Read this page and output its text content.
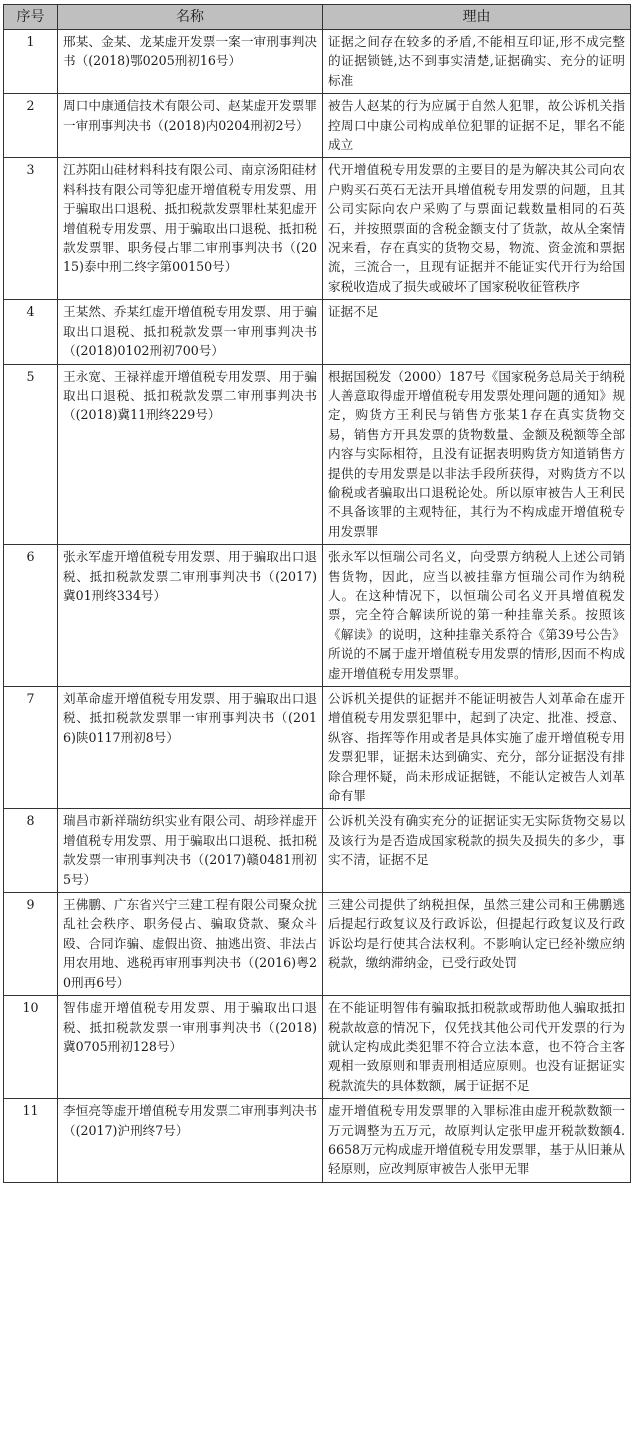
序号	名称	理由
1	邢某、金某、龙某虚开发票一案一审刑事判决书（(2018)鄂0205刑初16号）	证据之间存在较多的矛盾,不能相互印证,形不成完整的证据锁链,达不到事实清楚,证据确实、充分的证明标准
2	周口中康通信技术有限公司、赵某虚开发票罪一审刑事判决书（(2018)内0204刑初2号）	被告人赵某的行为应属于自然人犯罪，故公诉机关指控周口中康公司构成单位犯罪的证据不足，罪名不能成立
3	江苏阳山硅材料科技有限公司、南京汤阳硅材料科技有限公司等犯虚开增值税专用发票、用于骗取出口退税、抵扣税款发票罪杜某犯虚开增值税专用发票、用于骗取出口退税、抵扣税款发票罪、职务侵占罪二审刑事判决书（(2015)泰中刑二终字第00150号）	代开增值税专用发票的主要目的是为解决其公司向农户购买石英石无法开具增值税专用发票的问题，且其公司实际向农户采购了与票面记载数量相同的石英石，并按照票面的含税金额支付了货款，故从全案情况来看，存在真实的货物交易，物流、资金流和票据流，三流合一，且现有证据并不能证实代开行为给国家税收造成了损失或破坏了国家税收征管秩序
4	王某然、乔某红虚开增值税专用发票、用于骗取出口退税、抵扣税款发票一审刑事判决书（(2018)0102刑初700号）	证据不足
5	王永宽、王禄祥虚开增值税专用发票、用于骗取出口退税、抵扣税款发票二审刑事判决书（(2018)冀11刑终229号）	根据国税发（2000）187号《国家税务总局关于纳税人善意取得虚开增值税专用发票处理问题的通知》规定，购货方王利民与销售方张某1存在真实货物交易，销售方开具发票的货物数量、金额及税额等全部内容与实际相符，且没有证据表明购货方知道销售方提供的专用发票是以非法手段所获得，对购货方不以偷税或者骗取出口退税论处。所以原审被告人王利民不具备该罪的主观特征，其行为不构成虚开增值税专用发票罪
6	张永军虚开增值税专用发票、用于骗取出口退税、抵扣税款发票二审刑事判决书（(2017)冀01刑终334号）	张永军以恒瑞公司名义，向受票方纳税人上述公司销售货物，因此，应当以被挂靠方恒瑞公司作为纳税人。在这种情况下，以恒瑞公司名义开具增值税发票，完全符合解读所说的第一种挂靠关系。按照该《解读》的说明，这种挂靠关系符合《第39号公告》所说的不属于虚开增值税专用发票的情形,因而不构成虚开增值税专用发票罪。
7	刘革命虚开增值税专用发票、用于骗取出口退税、抵扣税款发票罪一审刑事判决书（(2016)陕0117刑初8号）	公诉机关提供的证据并不能证明被告人刘革命在虚开增值税专用发票犯罪中，起到了决定、批准、授意、纵容、指挥等作用或者是具体实施了虚开增值税专用发票犯罪，证据未达到确实、充分，部分证据没有排除合理怀疑，尚未形成证据链，不能认定被告人刘革命有罪
8	瑞昌市新祥瑞纺织实业有限公司、胡珍祥虚开增值税专用发票、用于骗取出口退税、抵扣税款发票一审刑事判决书（(2017)赣0481刑初5号）	公诉机关没有确实充分的证据证实无实际货物交易以及该行为是否造成国家税款的损失及损失的多少，事实不清，证据不足
9	王佛鹏、广东省兴宁三建工程有限公司聚众扰乱社会秩序、职务侵占、骗取贷款、聚众斗殴、合同诈骗、虚假出资、抽逃出资、非法占用农用地、逃税再审刑事判决书（(2016)粤20刑再6号）	三建公司提供了纳税担保，虽然三建公司和王佛鹏逃后提起行政复议及行政诉讼，但提起行政复议及行政诉讼均是行使其合法权利。不影响认定已经补缴应纳税款，缴纳滞纳金，已受行政处罚
10	智伟虚开增值税专用发票、用于骗取出口退税、抵扣税款发票一审刑事判决书（(2018)冀0705刑初128号）	在不能证明智伟有骗取抵扣税款或帮助他人骗取抵扣税款故意的情况下，仅凭找其他公司代开发票的行为就认定构成此类犯罪不符合立法本意，也不符合主客观相一致原则和罪责刑相适应原则。也没有证据证实税款流失的具体数额，属于证据不足
11	李恒亮等虚开增值税专用发票二审刑事判决书（(2017)沪刑终7号）	虚开增值税专用发票罪的入罪标准由虚开税款数额一万元调整为五万元，故原判认定张甲虚开税款数额4.6658万元构成虚开增值税专用发票罪，基于从旧兼从轻原则，应改判原审被告人张甲无罪
